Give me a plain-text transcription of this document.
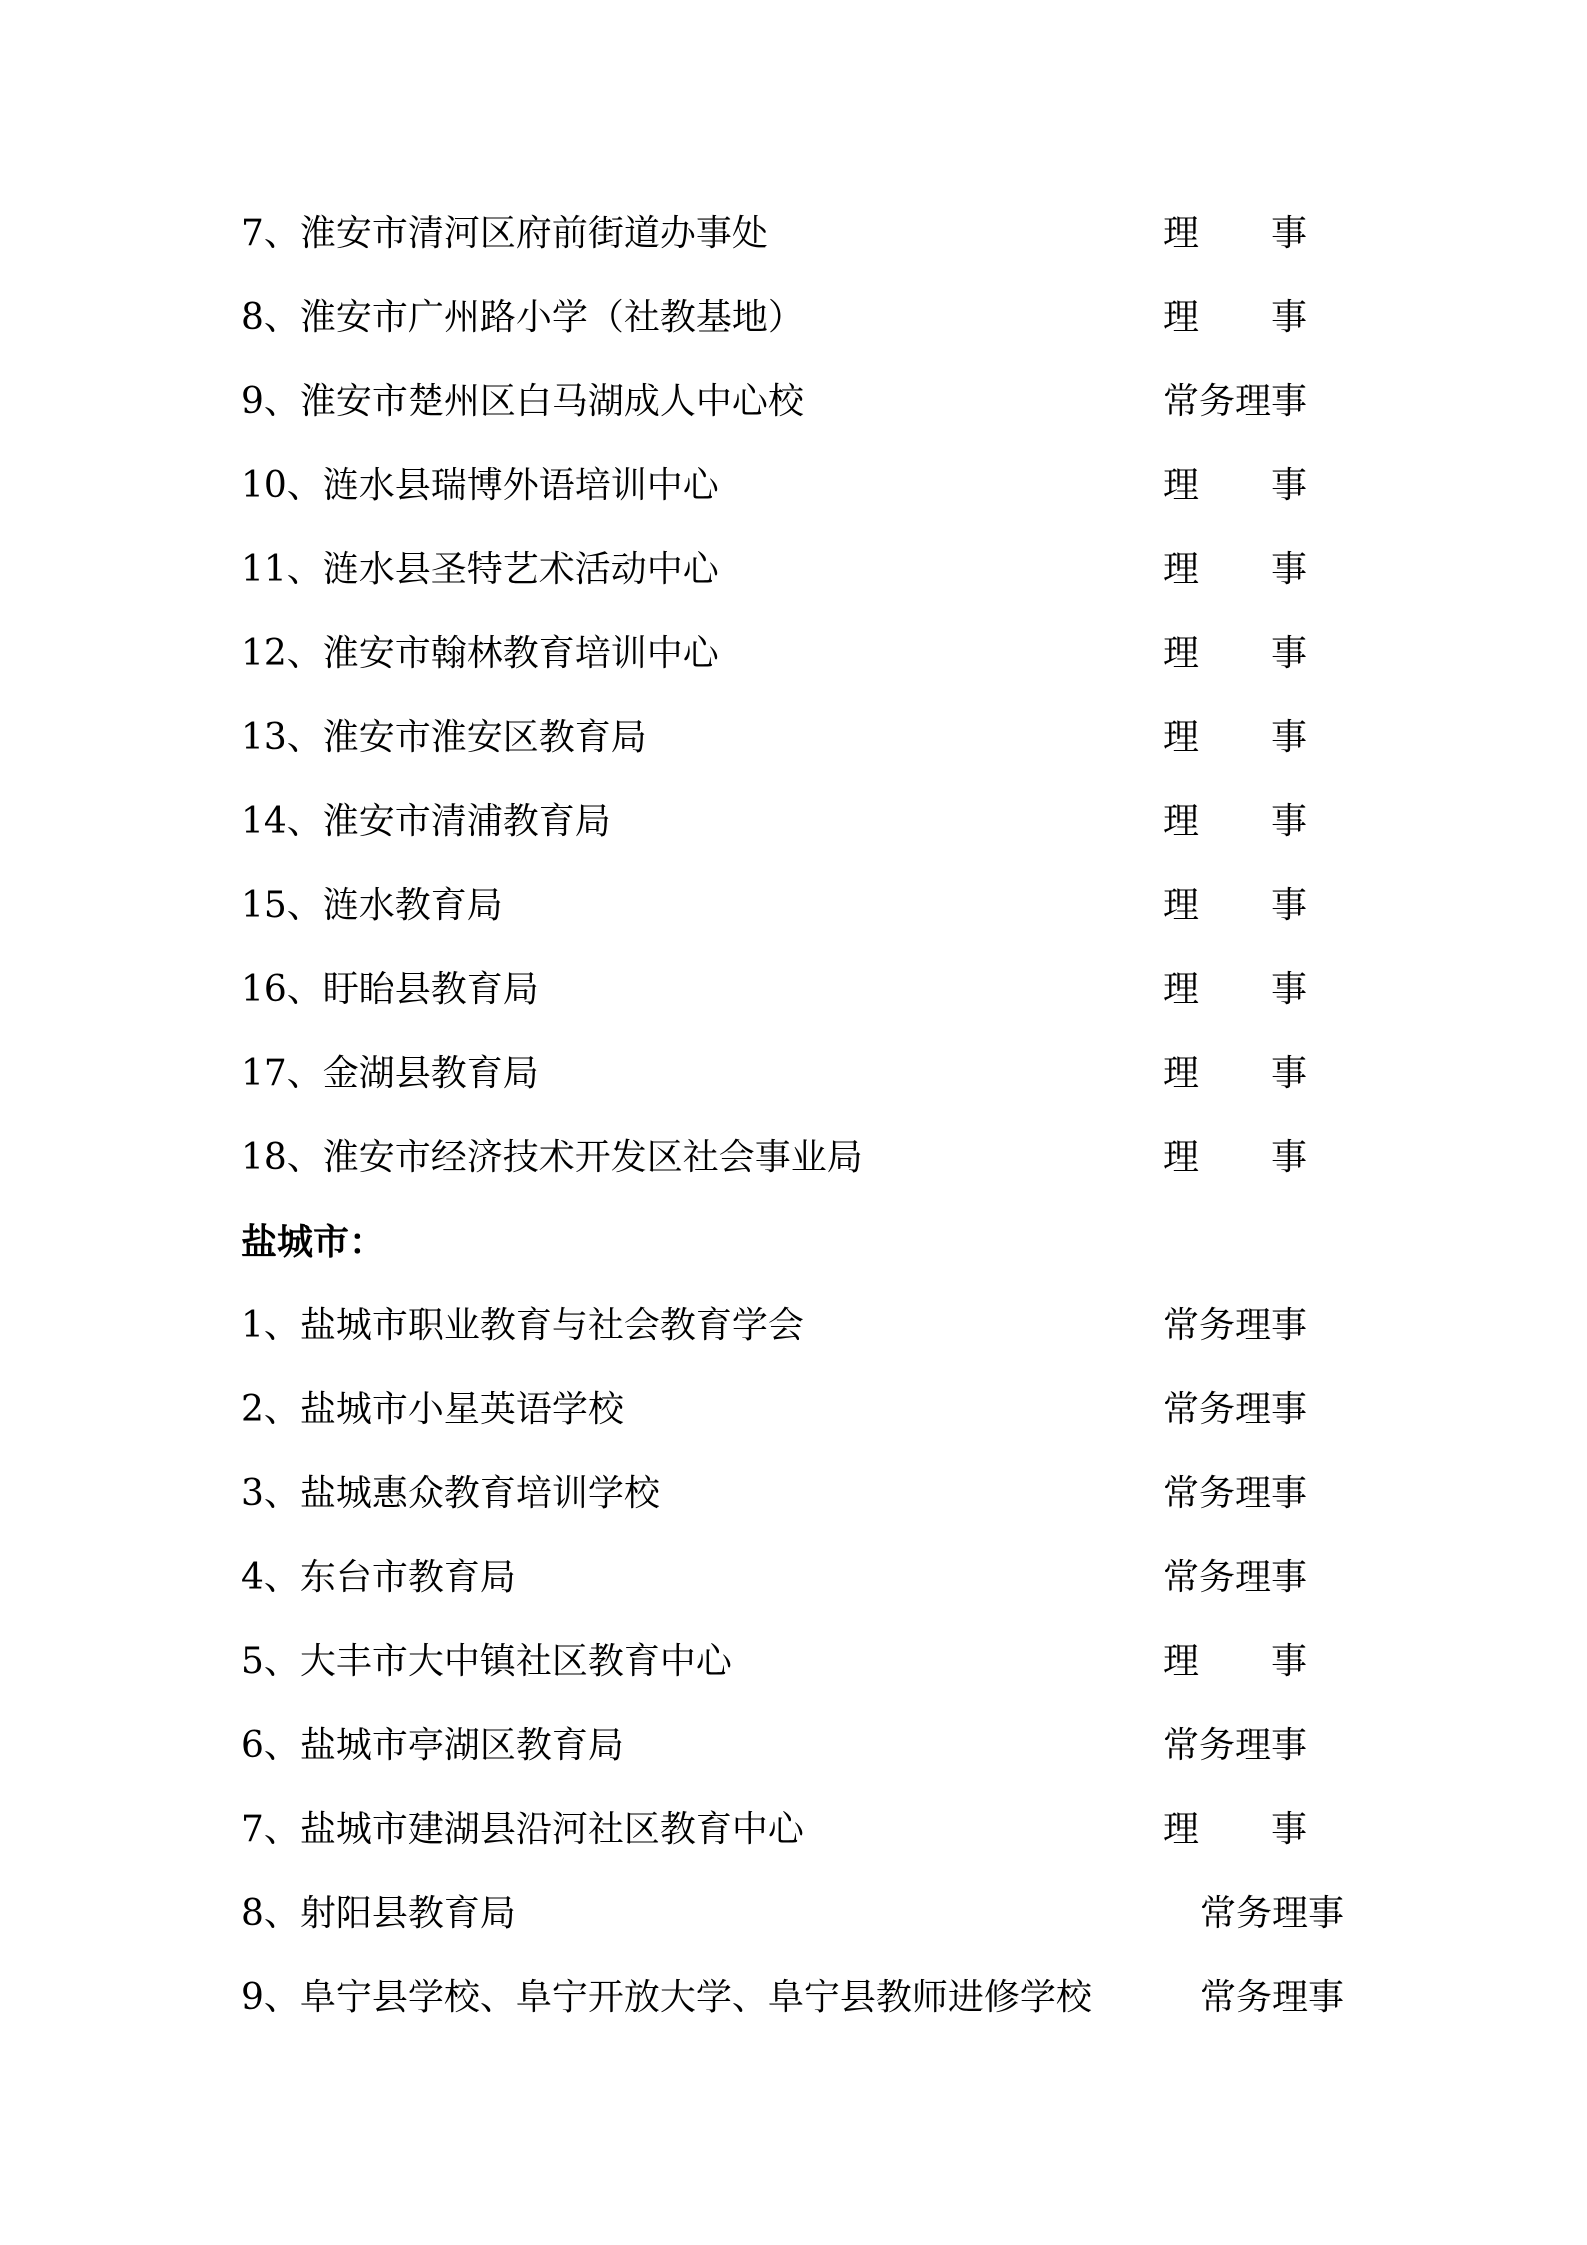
7、淮安市清河区府前街道办事处	理　　事
8、淮安市广州路小学（社教基地）	理　　事
9、淮安市楚州区白马湖成人中心校	常务理事
10、涟水县瑞博外语培训中心	理　　事
11、涟水县圣特艺术活动中心	理　　事
12、淮安市翰林教育培训中心	理　　事
13、淮安市淮安区教育局	理　　事
14、淮安市清浦教育局	理　　事
15、涟水教育局	理　　事
16、盱眙县教育局	理　　事
17、金湖县教育局	理　　事
18、淮安市经济技术开发区社会事业局	理　　事
盐城市：
1、盐城市职业教育与社会教育学会	常务理事
2、盐城市小星英语学校	常务理事
3、盐城惠众教育培训学校	常务理事
4、东台市教育局	常务理事
5、大丰市大中镇社区教育中心	理　　事
6、盐城市亭湖区教育局	常务理事
7、盐城市建湖县沿河社区教育中心	理　　事
8、射阳县教育局	常务理事
9、阜宁县学校、阜宁开放大学、阜宁县教师进修学校	常务理事
